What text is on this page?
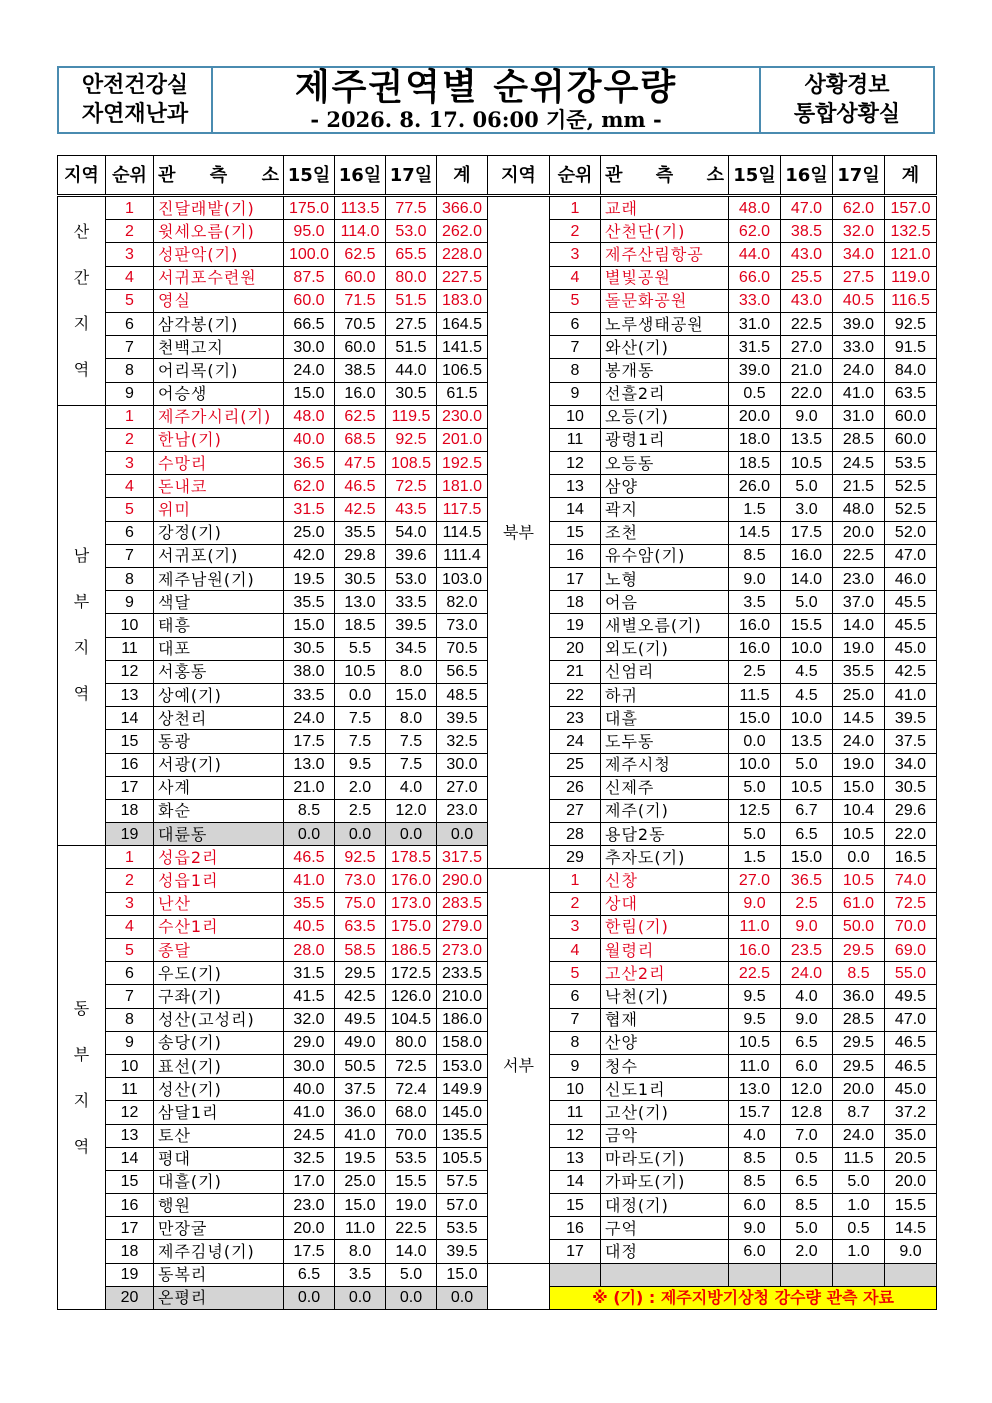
안전건강실
자연재난과
제주권역별 순위강우량
- 2026. 8. 17. 06:00 기준, mm -
상황경보
통합상황실
지역	순위	관 측 소	15일	16일	17일	계

산
간
지
역	1	진달래밭(기)	175.0	113.5	77.5	366.0
	2	윗세오름(기)	95.0	114.0	53.0	262.0
	3	성판악(기)	100.0	62.5	65.5	228.0
	4	서귀포수련원	87.5	60.0	80.0	227.5
	5	영실	60.0	71.5	51.5	183.0
	6	삼각봉(기)	66.5	70.5	27.5	164.5
	7	천백고지	30.0	60.0	51.5	141.5
	8	어리목(기)	24.0	38.5	44.0	106.5
	9	어승생	15.0	16.0	30.5	61.5

남
부
지
역	1	제주가시리(기)	48.0	62.5	119.5	230.0
	2	한남(기)	40.0	68.5	92.5	201.0
	3	수망리	36.5	47.5	108.5	192.5
	4	돈내코	62.0	46.5	72.5	181.0
	5	위미	31.5	42.5	43.5	117.5
	6	강정(기)	25.0	35.5	54.0	114.5
	7	서귀포(기)	42.0	29.8	39.6	111.4
	8	제주남원(기)	19.5	30.5	53.0	103.0
	9	색달	35.5	13.0	33.5	82.0
	10	태흥	15.0	18.5	39.5	73.0
	11	대포	30.5	5.5	34.5	70.5
	12	서홍동	38.0	10.5	8.0	56.5
	13	상예(기)	33.5	0.0	15.0	48.5
	14	상천리	24.0	7.5	8.0	39.5
	15	동광	17.5	7.5	7.5	32.5
	16	서광(기)	13.0	9.5	7.5	30.0
	17	사계	21.0	2.0	4.0	27.0
	18	화순	8.5	2.5	12.0	23.0
	19	대륜동	0.0	0.0	0.0	0.0

동
부
지
역	1	성읍2리	46.5	92.5	178.5	317.5
	2	성읍1리	41.0	73.0	176.0	290.0
	3	난산	35.5	75.0	173.0	283.5
	4	수산1리	40.5	63.5	175.0	279.0
	5	종달	28.0	58.5	186.5	273.0
	6	우도(기)	31.5	29.5	172.5	233.5
	7	구좌(기)	41.5	42.5	126.0	210.0
	8	성산(고성리)	32.0	49.5	104.5	186.0
	9	송당(기)	29.0	49.0	80.0	158.0
	10	표선(기)	30.0	50.5	72.5	153.0
	11	성산(기)	40.0	37.5	72.4	149.9
	12	삼달1리	41.0	36.0	68.0	145.0
	13	토산	24.5	41.0	70.0	135.5
	14	평대	32.5	19.5	53.5	105.5
	15	대흘(기)	17.0	25.0	15.5	57.5
	16	행원	23.0	15.0	19.0	57.0
	17	만장굴	20.0	11.0	22.5	53.5
	18	제주김녕(기)	17.5	8.0	14.0	39.5
	19	동복리	6.5	3.5	5.0	15.0
	20	온평리	0.0	0.0	0.0	0.0
지역	순위	관 측 소	15일	16일	17일	계
북부	1	교래	48.0	47.0	62.0	157.0
	2	산천단(기)	62.0	38.5	32.0	132.5
	3	제주산림항공	44.0	43.0	34.0	121.0
	4	별빛공원	66.0	25.5	27.5	119.0
	5	돌문화공원	33.0	43.0	40.5	116.5
	6	노루생태공원	31.0	22.5	39.0	92.5
	7	와산(기)	31.5	27.0	33.0	91.5
	8	봉개동	39.0	21.0	24.0	84.0
	9	선흘2리	0.5	22.0	41.0	63.5
	10	오등(기)	20.0	9.0	31.0	60.0
	11	광령1리	18.0	13.5	28.5	60.0
	12	오등동	18.5	10.5	24.5	53.5
	13	삼양	26.0	5.0	21.5	52.5
	14	곽지	1.5	3.0	48.0	52.5
	15	조천	14.5	17.5	20.0	52.0
	16	유수암(기)	8.5	16.0	22.5	47.0
	17	노형	9.0	14.0	23.0	46.0
	18	어음	3.5	5.0	37.0	45.5
	19	새별오름(기)	16.0	15.5	14.0	45.5
	20	외도(기)	16.0	10.0	19.0	45.0
	21	신엄리	2.5	4.5	35.5	42.5
	22	하귀	11.5	4.5	25.0	41.0
	23	대흘	15.0	10.0	14.5	39.5
	24	도두동	0.0	13.5	24.0	37.5
	25	제주시청	10.0	5.0	19.0	34.0
	26	신제주	5.0	10.5	15.0	30.5
	27	제주(기)	12.5	6.7	10.4	29.6
	28	용담2동	5.0	6.5	10.5	22.0
	29	추자도(기)	1.5	15.0	0.0	16.5
서부	1	신창	27.0	36.5	10.5	74.0
	2	상대	9.0	2.5	61.0	72.5
	3	한림(기)	11.0	9.0	50.0	70.0
	4	월령리	16.0	23.5	29.5	69.0
	5	고산2리	22.5	24.0	8.5	55.0
	6	낙천(기)	9.5	4.0	36.0	49.5
	7	협재	9.5	9.0	28.5	47.0
	8	산양	10.5	6.5	29.5	46.5
	9	청수	11.0	6.0	29.5	46.5
	10	신도1리	13.0	12.0	20.0	45.0
	11	고산(기)	15.7	12.8	8.7	37.2
	12	금악	4.0	7.0	24.0	35.0
	13	마라도(기)	8.5	0.5	11.5	20.5
	14	가파도(기)	8.5	6.5	5.0	20.0
	15	대정(기)	6.0	8.5	1.0	15.5
	16	구억	9.0	5.0	0.5	14.5
	17	대정	6.0	2.0	1.0	9.0

	※ (기) : 제주지방기상청 강수량 관측 자료					
